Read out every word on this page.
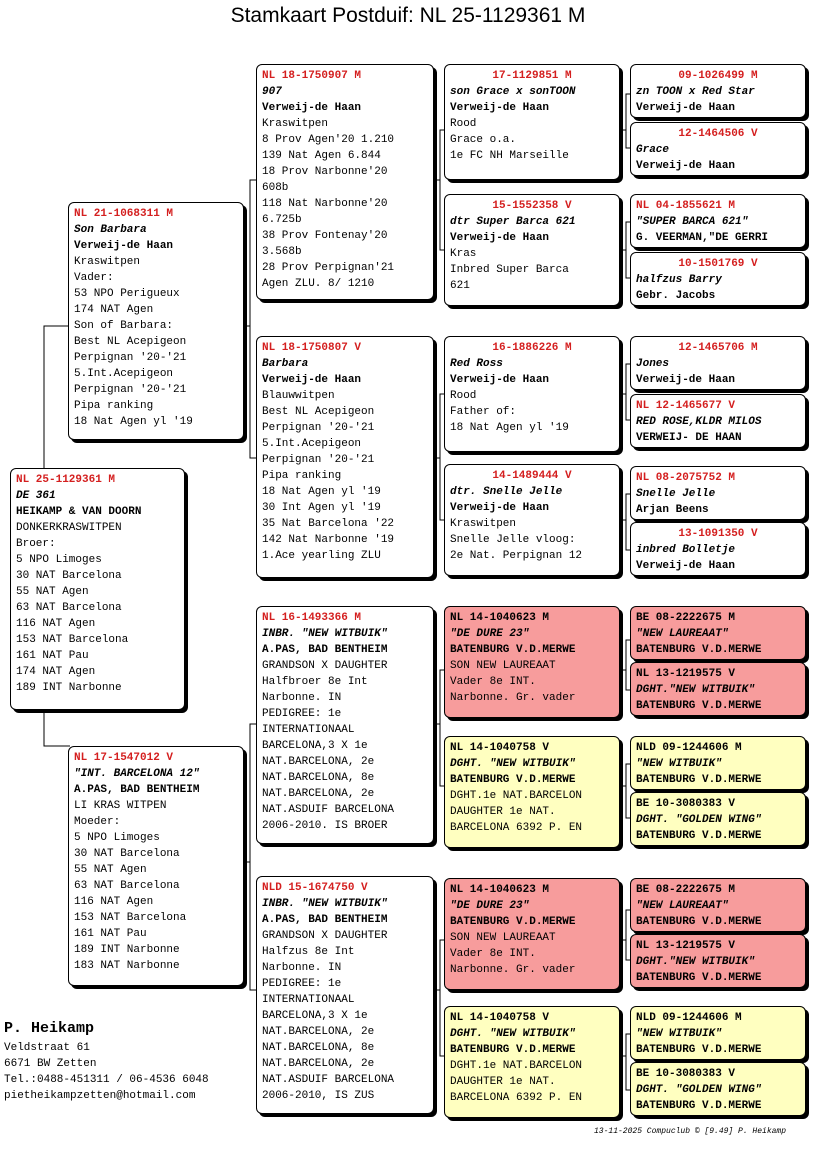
Stamkaart Postduif: NL 25-1129361 M
NL 25-1129361 M
DE 361
HEIKAMP & VAN DOORN
DONKERKRASWITPEN
Broer:
5 NPO Limoges
30 NAT Barcelona
55 NAT Agen
63 NAT Barcelona
116 NAT Agen
153 NAT Barcelona
161 NAT Pau
174 NAT Agen
189 INT Narbonne
NL 21-1068311 M
Son Barbara
Verweij-de Haan
Kraswitpen
Vader:
53 NPO Perigueux
174 NAT Agen
Son of Barbara:
Best NL Acepigeon
Perpignan '20-'21
5.Int.Acepigeon
Perpignan '20-'21
Pipa ranking
18 Nat Agen yl '19
NL 17-1547012 V
"INT. BARCELONA 12"
A.PAS, BAD BENTHEIM
LI KRAS WITPEN
Moeder:
5 NPO Limoges
30 NAT Barcelona
55 NAT Agen
63 NAT Barcelona
116 NAT Agen
153 NAT Barcelona
161 NAT Pau
189 INT Narbonne
183 NAT Narbonne
NL 18-1750907 M
907
Verweij-de Haan
Kraswitpen
8 Prov Agen'20 1.210
139 Nat Agen 6.844
18 Prov Narbonne'20
608b
118 Nat Narbonne'20
6.725b
38 Prov Fontenay'20
3.568b
28 Prov Perpignan'21
Agen ZLU. 8/ 1210
NL 18-1750807 V
Barbara
Verweij-de Haan
Blauwwitpen
Best NL Acepigeon
Perpignan '20-'21
5.Int.Acepigeon
Perpignan '20-'21
Pipa ranking
18 Nat Agen yl '19
30 Int Agen yl '19
35 Nat Barcelona '22
142 Nat Narbonne '19
1.Ace yearling ZLU
NL 16-1493366 M
INBR. "NEW WITBUIK"
A.PAS, BAD BENTHEIM
GRANDSON X DAUGHTER
Halfbroer 8e Int
Narbonne. IN
PEDIGREE: 1e
INTERNATIONAAL
BARCELONA,3 X 1e
NAT.BARCELONA, 2e
NAT.BARCELONA, 8e
NAT.BARCELONA, 2e
NAT.ASDUIF BARCELONA
2006-2010. IS BROER
NLD 15-1674750 V
INBR. "NEW WITBUIK"
A.PAS, BAD BENTHEIM
GRANDSON X DAUGHTER
Halfzus 8e Int
Narbonne. IN
PEDIGREE: 1e
INTERNATIONAAL
BARCELONA,3 X 1e
NAT.BARCELONA, 2e
NAT.BARCELONA, 8e
NAT.BARCELONA, 2e
NAT.ASDUIF BARCELONA
2006-2010, IS ZUS
17-1129851 M
son Grace x sonTOON
Verweij-de Haan
Rood
Grace o.a.
1e FC NH Marseille
15-1552358 V
dtr Super Barca 621
Verweij-de Haan
Kras
Inbred Super Barca
621
16-1886226 M
Red Ross
Verweij-de Haan
Rood
Father of:
18 Nat Agen yl '19
14-1489444 V
dtr. Snelle Jelle
Verweij-de Haan
Kraswitpen
Snelle Jelle vloog:
2e Nat. Perpignan 12
NL 14-1040623 M
"DE DURE 23"
BATENBURG V.D.MERWE
SON NEW LAUREAAT
Vader 8e INT.
Narbonne. Gr. vader
NL 14-1040758 V
DGHT. "NEW WITBUIK"
BATENBURG V.D.MERWE
DGHT.1e NAT.BARCELON
DAUGHTER 1e NAT.
BARCELONA 6392 P. EN
NL 14-1040623 M
"DE DURE 23"
BATENBURG V.D.MERWE
SON NEW LAUREAAT
Vader 8e INT.
Narbonne. Gr. vader
NL 14-1040758 V
DGHT. "NEW WITBUIK"
BATENBURG V.D.MERWE
DGHT.1e NAT.BARCELON
DAUGHTER 1e NAT.
BARCELONA 6392 P. EN
09-1026499 M
zn TOON x Red Star
Verweij-de Haan
12-1464506 V
Grace
Verweij-de Haan
NL 04-1855621 M
"SUPER BARCA 621"
G. VEERMAN,"DE GERRI
10-1501769 V
halfzus Barry
Gebr. Jacobs
12-1465706 M
Jones
Verweij-de Haan
NL 12-1465677 V
RED ROSE,KLDR MILOS
VERWEIJ- DE HAAN
NL 08-2075752 M
Snelle Jelle
Arjan Beens
13-1091350 V
inbred Bolletje
Verweij-de Haan
BE 08-2222675 M
"NEW LAUREAAT"
BATENBURG V.D.MERWE
NL 13-1219575 V
DGHT."NEW WITBUIK"
BATENBURG V.D.MERWE
NLD 09-1244606 M
"NEW WITBUIK"
BATENBURG V.D.MERWE
BE 10-3080383 V
DGHT. "GOLDEN WING"
BATENBURG V.D.MERWE
BE 08-2222675 M
"NEW LAUREAAT"
BATENBURG V.D.MERWE
NL 13-1219575 V
DGHT."NEW WITBUIK"
BATENBURG V.D.MERWE
NLD 09-1244606 M
"NEW WITBUIK"
BATENBURG V.D.MERWE
BE 10-3080383 V
DGHT. "GOLDEN WING"
BATENBURG V.D.MERWE
P. Heikamp
Veldstraat 61
6671 BW Zetten
Tel.:0488-451311 / 06-4536 6048
pietheikampzetten@hotmail.com
13-11-2025 Compuclub © [9.49] P. Heikamp
